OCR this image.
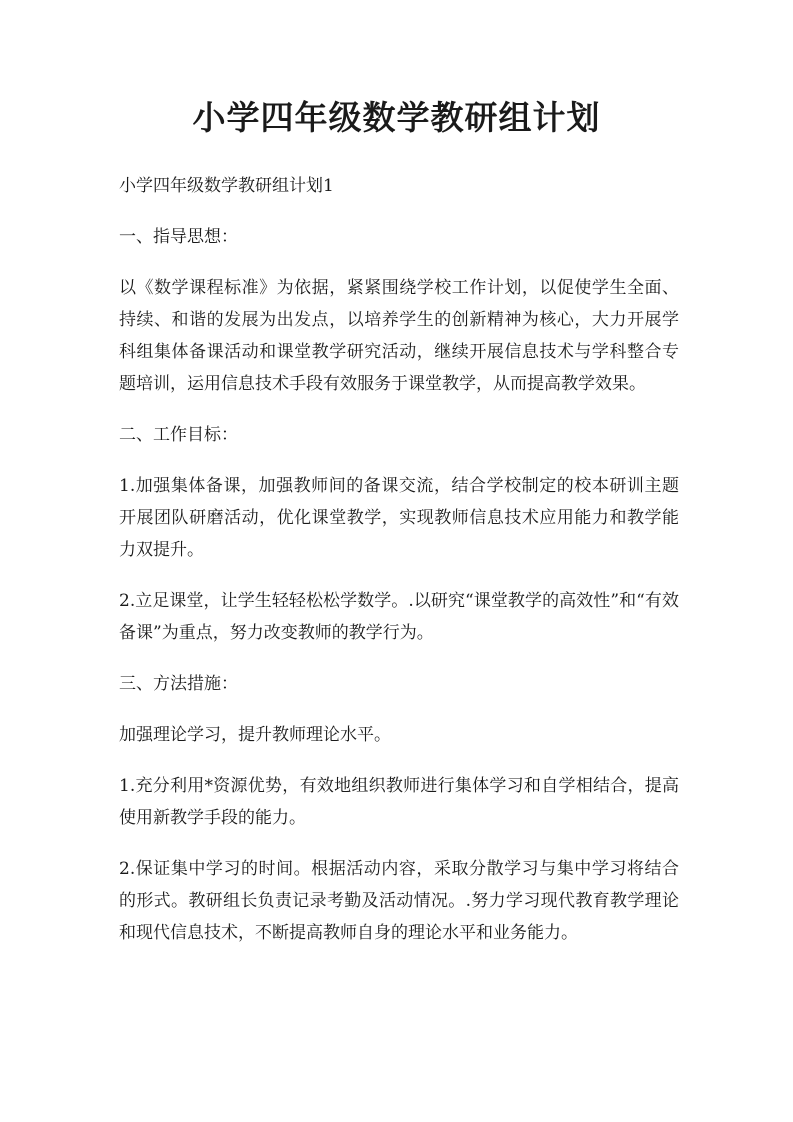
小学四年级数学教研组计划

小学四年级数学教研组计划1

一、指导思想：

以《数学课程标准》为依据，紧紧围绕学校工作计划，以促使学生全面、持续、和谐的发展为出发点，以培养学生的创新精神为核心，大力开展学科组集体备课活动和课堂教学研究活动，继续开展信息技术与学科整合专题培训，运用信息技术手段有效服务于课堂教学，从而提高教学效果。

二、工作目标：

1.加强集体备课，加强教师间的备课交流，结合学校制定的校本研训主题开展团队研磨活动，优化课堂教学，实现教师信息技术应用能力和教学能力双提升。

2.立足课堂，让学生轻轻松松学数学。.以研究“课堂教学的高效性”和“有效备课”为重点，努力改变教师的教学行为。

三、方法措施：

加强理论学习，提升教师理论水平。

1.充分利用*资源优势，有效地组织教师进行集体学习和自学相结合，提高使用新教学手段的能力。

2.保证集中学习的时间。根据活动内容，采取分散学习与集中学习将结合的形式。教研组长负责记录考勤及活动情况。.努力学习现代教育教学理论和现代信息技术，不断提高教师自身的理论水平和业务能力。
